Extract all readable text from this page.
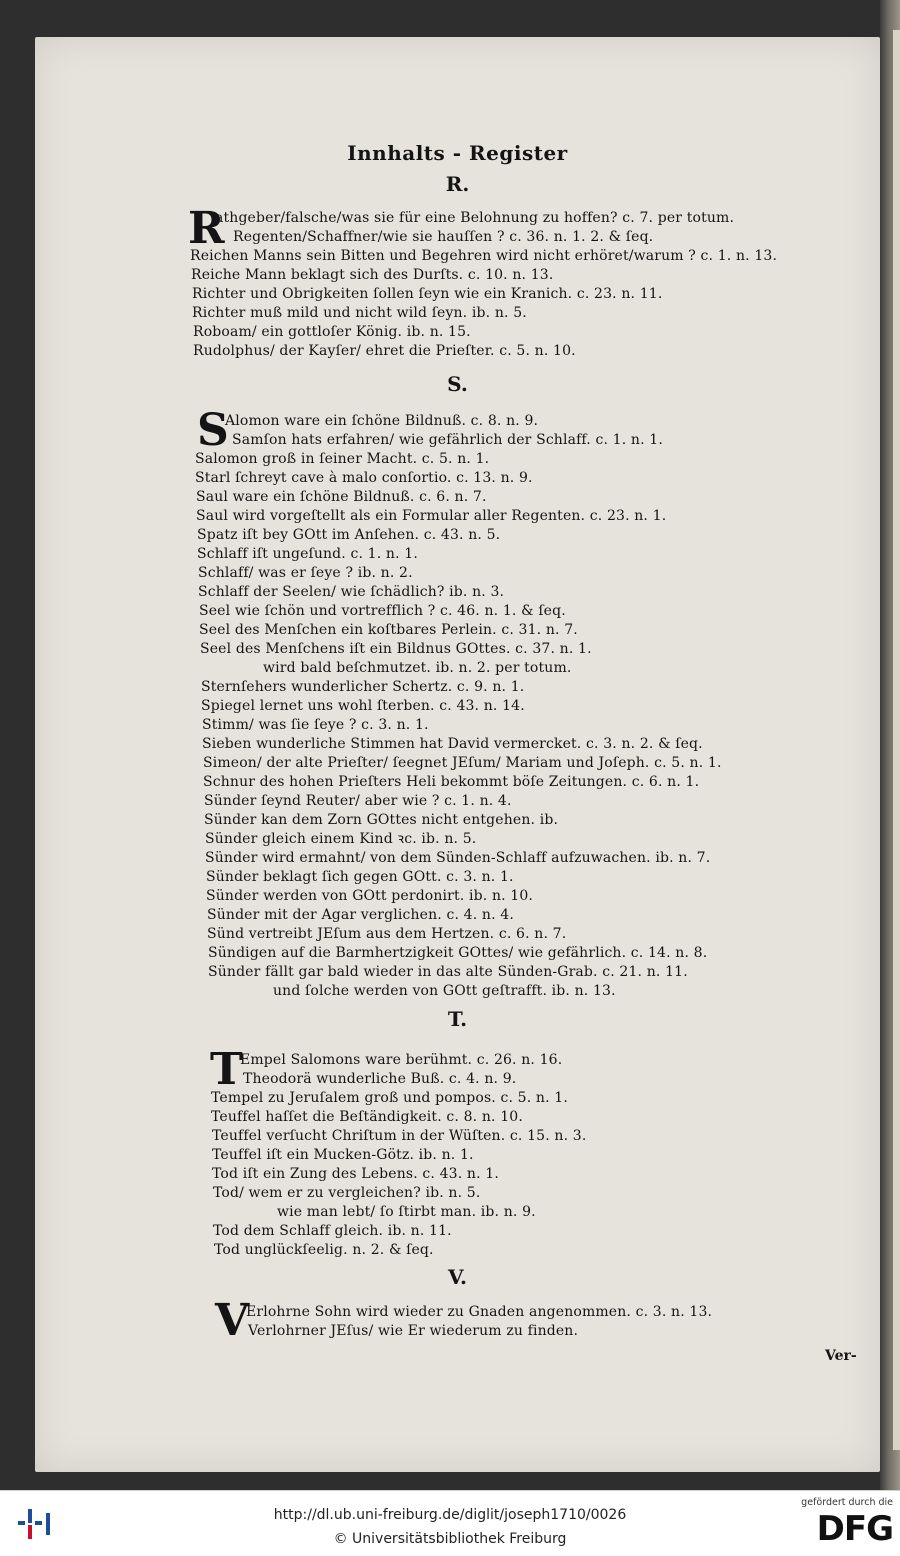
Innhalts - Register
R.
R
athgeber/falsche/was sie für eine Belohnung zu hoffen? c. 7. per totum.
Regenten/Schaffner/wie sie hauſſen ? c. 36. n. 1. 2. & ſeq.
Reichen Manns sein Bitten und Begehren wird nicht erhöret/warum ? c. 1. n. 13.
Reiche Mann beklagt sich des Durſts. c. 10. n. 13.
Richter und Obrigkeiten ſollen ſeyn wie ein Kranich. c. 23. n. 11.
Richter muß mild und nicht wild ſeyn. ib. n. 5.
Roboam/ ein gottloſer König. ib. n. 15.
Rudolphus/ der Kayſer/ ehret die Prieſter. c. 5. n. 10.
S.
S
Alomon ware ein ſchöne Bildnuß. c. 8. n. 9.
Samſon hats erfahren/ wie gefährlich der Schlaff. c. 1. n. 1.
Salomon groß in ſeiner Macht. c. 5. n. 1.
Starl ſchreyt cave à malo conſortio. c. 13. n. 9.
Saul ware ein ſchöne Bildnuß. c. 6. n. 7.
Saul wird vorgeſtellt als ein Formular aller Regenten. c. 23. n. 1.
Spatz iſt bey GOtt im Anſehen. c. 43. n. 5.
Schlaff iſt ungeſund. c. 1. n. 1.
Schlaff/ was er ſeye ? ib. n. 2.
Schlaff der Seelen/ wie ſchädlich? ib. n. 3.
Seel wie ſchön und vortrefflich ? c. 46. n. 1. & ſeq.
Seel des Menſchen ein koſtbares Perlein. c. 31. n. 7.
Seel des Menſchens iſt ein Bildnus GOttes. c. 37. n. 1.
wird bald beſchmutzet. ib. n. 2. per totum.
Sternſehers wunderlicher Schertz. c. 9. n. 1.
Spiegel lernet uns wohl ſterben. c. 43. n. 14.
Stimm/ was ſie ſeye ? c. 3. n. 1.
Sieben wunderliche Stimmen hat David vermercket. c. 3. n. 2. & ſeq.
Simeon/ der alte Prieſter/ ſeegnet JEſum/ Mariam und Joſeph. c. 5. n. 1.
Schnur des hohen Prieſters Heli bekommt böſe Zeitungen. c. 6. n. 1.
Sünder ſeynd Reuter/ aber wie ? c. 1. n. 4.
Sünder kan dem Zorn GOttes nicht entgehen. ib.
Sünder gleich einem Kind ꝛc. ib. n. 5.
Sünder wird ermahnt/ von dem Sünden-Schlaff aufzuwachen. ib. n. 7.
Sünder beklagt ſich gegen GOtt. c. 3. n. 1.
Sünder werden von GOtt perdonirt. ib. n. 10.
Sünder mit der Agar verglichen. c. 4. n. 4.
Sünd vertreibt JEſum aus dem Hertzen. c. 6. n. 7.
Sündigen auf die Barmhertzigkeit GOttes/ wie gefährlich. c. 14. n. 8.
Sünder fällt gar bald wieder in das alte Sünden-Grab. c. 21. n. 11.
und ſolche werden von GOtt geſtrafft. ib. n. 13.
T.
T
Empel Salomons ware berühmt. c. 26. n. 16.
Theodorä wunderliche Buß. c. 4. n. 9.
Tempel zu Jeruſalem groß und pompos. c. 5. n. 1.
Teuffel haſſet die Beſtändigkeit. c. 8. n. 10.
Teuffel verſucht Chriſtum in der Wüſten. c. 15. n. 3.
Teuffel iſt ein Mucken-Götz. ib. n. 1.
Tod iſt ein Zung des Lebens. c. 43. n. 1.
Tod/ wem er zu vergleichen? ib. n. 5.
wie man lebt/ ſo ſtirbt man. ib. n. 9.
Tod dem Schlaff gleich. ib. n. 11.
Tod unglückſeelig. n. 2. & ſeq.
V.
V
Erlohrne Sohn wird wieder zu Gnaden angenommen. c. 3. n. 13.
Verlohrner JEſus/ wie Er wiederum zu finden.
Ver-
http://dl.ub.uni-freiburg.de/diglit/joseph1710/0026
© Universitätsbibliothek Freiburg
gefördert durch die
DFG
